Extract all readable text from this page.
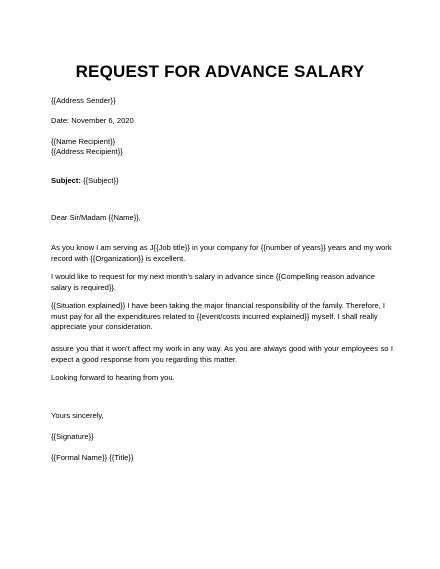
REQUEST FOR ADVANCE SALARY
{{Address Sender}}
Date: November 6, 2020
{{Name Recipient}}
{{Address Recipient}}
Subject: {{Subject}}
Dear Sir/Madam {{Name}},
As you know I am serving as J{{Job title}} in your company for {{number of years}} years and my work record with {{Organization}} is excellent.
I would like to request for my next month’s salary in advance since {{Compelling reason advance salary is required}}.
{{Situation explained}} I have been taking the major financial responsibility of the family. Therefore, I must pay for all the expenditures related to {{event/costs incurred explained}} myself. I shall really appreciate your consideration.
assure you that it won’t affect my work in any way. As you are always good with your employees so I expect a good response from you regarding this matter.
Looking forward to hearing from you.
Yours sincerely,
{{Signature}}
{{Formal Name}} {{Title}}
